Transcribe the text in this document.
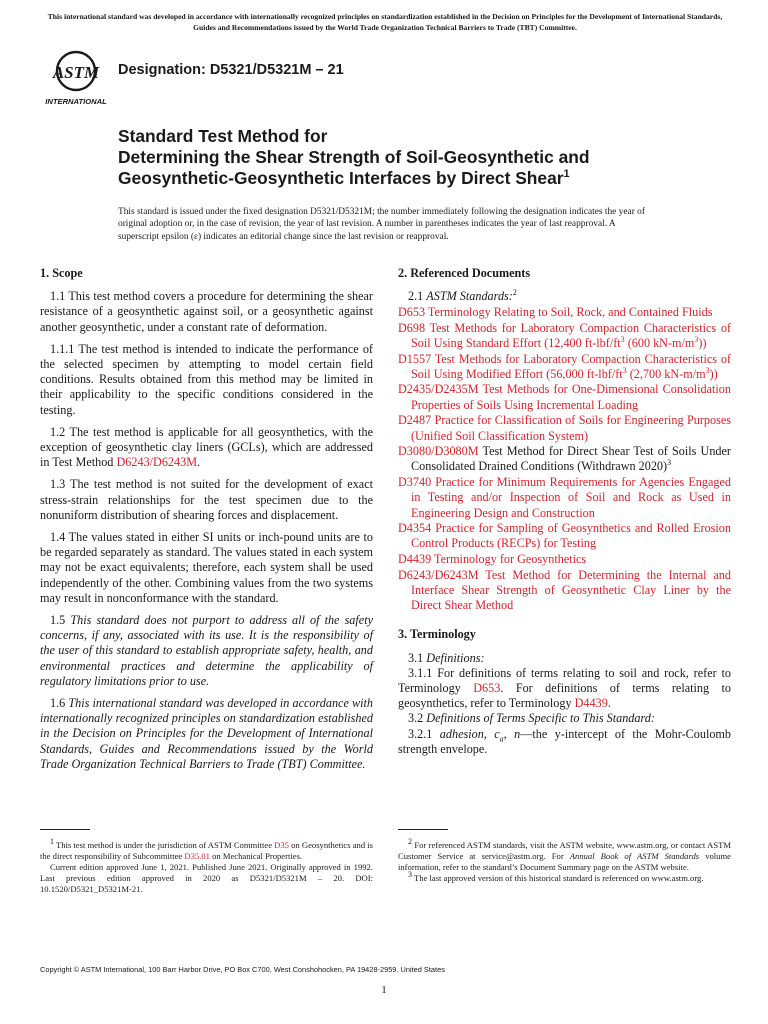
This international standard was developed in accordance with internationally recognized principles on standardization established in the Decision on Principles for the Development of International Standards, Guides and Recommendations issued by the World Trade Organization Technical Barriers to Trade (TBT) Committee.
ASTM
INTERNATIONAL
Designation: D5321/D5321M – 21
Standard Test Method for
Determining the Shear Strength of Soil-Geosynthetic and
Geosynthetic-Geosynthetic Interfaces by Direct Shear$^1$
This standard is issued under the fixed designation D5321/D5321M; the number immediately following the designation indicates the year of original adoption or, in the case of revision, the year of last revision. A number in parentheses indicates the year of last reapproval. A superscript epsilon (ε) indicates an editorial change since the last revision or reapproval.
1. Scope

1.1 This test method covers a procedure for determining the shear resistance of a geosynthetic against soil, or a geosynthetic against another geosynthetic, under a constant rate of deformation.

1.1.1 The test method is intended to indicate the performance of the selected specimen by attempting to model certain field conditions. Results obtained from this method may be limited in their applicability to the specific conditions considered in the testing.

1.2 The test method is applicable for all geosynthetics, with the exception of geosynthetic clay liners (GCLs), which are addressed in Test Method D6243/D6243M.

1.3 The test method is not suited for the development of exact stress-strain relationships for the test specimen due to the nonuniform distribution of shearing forces and displacement.

1.4 The values stated in either SI units or inch-pound units are to be regarded separately as standard. The values stated in each system may not be exact equivalents; therefore, each system shall be used independently of the other. Combining values from the two systems may result in nonconformance with the standard.

1.5 This standard does not purport to address all of the safety concerns, if any, associated with its use. It is the responsibility of the user of this standard to establish appropriate safety, health, and environmental practices and determine the applicability of regulatory limitations prior to use.

1.6 This international standard was developed in accordance with internationally recognized principles on standardization established in the Decision on Principles for the Development of International Standards, Guides and Recommendations issued by the World Trade Organization Technical Barriers to Trade (TBT) Committee.

2. Referenced Documents

2.1 ASTM Standards:$^2$

D653 Terminology Relating to Soil, Rock, and Contained Fluids
D698 Test Methods for Laboratory Compaction Characteristics of Soil Using Standard Effort (12,400 $ft-lbf/ft^3$ (600 $kN-m/m^3$))
D1557 Test Methods for Laboratory Compaction Characteristics of Soil Using Modified Effort (56,000 $ft-lbf/ft^3$ (2,700 $kN-m/m^3$))
D2435/D2435M Test Methods for One-Dimensional Consolidation Properties of Soils Using Incremental Loading
D2487 Practice for Classification of Soils for Engineering Purposes (Unified Soil Classification System)
D3080/D3080M Test Method for Direct Shear Test of Soils Under Consolidated Drained Conditions (Withdrawn 2020)$^3$
D3740 Practice for Minimum Requirements for Agencies Engaged in Testing and/or Inspection of Soil and Rock as Used in Engineering Design and Construction
D4354 Practice for Sampling of Geosynthetics and Rolled Erosion Control Products (RECPs) for Testing
D4439 Terminology for Geosynthetics
D6243/D6243M Test Method for Determining the Internal and Interface Shear Strength of Geosynthetic Clay Liner by the Direct Shear Method
3. Terminology

3.1 Definitions:

3.1.1 For definitions of terms relating to soil and rock, refer to Terminology D653. For definitions of terms relating to geosynthetics, refer to Terminology D4439.

3.2 Definitions of Terms Specific to This Standard:

3.2.1 adhesion, $c_a$, n—the y-intercept of the Mohr-Coulomb strength envelope.

$^1$ This test method is under the jurisdiction of ASTM Committee D35 on Geosynthetics and is the direct responsibility of Subcommittee D35.01 on Mechanical Properties.

Current edition approved June 1, 2021. Published June 2021. Originally approved in 1992. Last previous edition approved in 2020 as D5321/D5321M – 20. DOI: 10.1520/D5321_D5321M-21.

$^2$ For referenced ASTM standards, visit the ASTM website, www.astm.org, or contact ASTM Customer Service at service@astm.org. For Annual Book of ASTM Standards volume information, refer to the standard’s Document Summary page on the ASTM website.

$^3$ The last approved version of this historical standard is referenced on www.astm.org.

Copyright © ASTM International, 100 Barr Harbor Drive, PO Box C700, West Conshohocken, PA 19428-2959. United States
1
